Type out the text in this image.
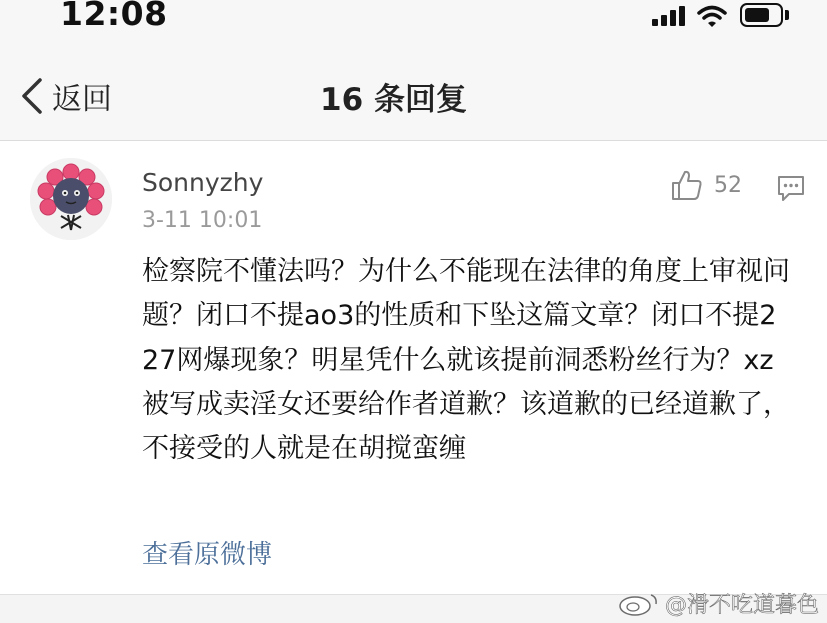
12:08
返回	16 条回复
Sonnyzhy
3-11 10:01
52
检察院不懂法吗？为什么不能现在法律的角度上审视问题？闭口不提ao3的性质和下坠这篇文章？闭口不提227网爆现象？明星凭什么就该提前洞悉粉丝行为？xz被写成卖淫女还要给作者道歉？该道歉的已经道歉了，不接受的人就是在胡搅蛮缠
查看原微博
@滑不吃道暮色
